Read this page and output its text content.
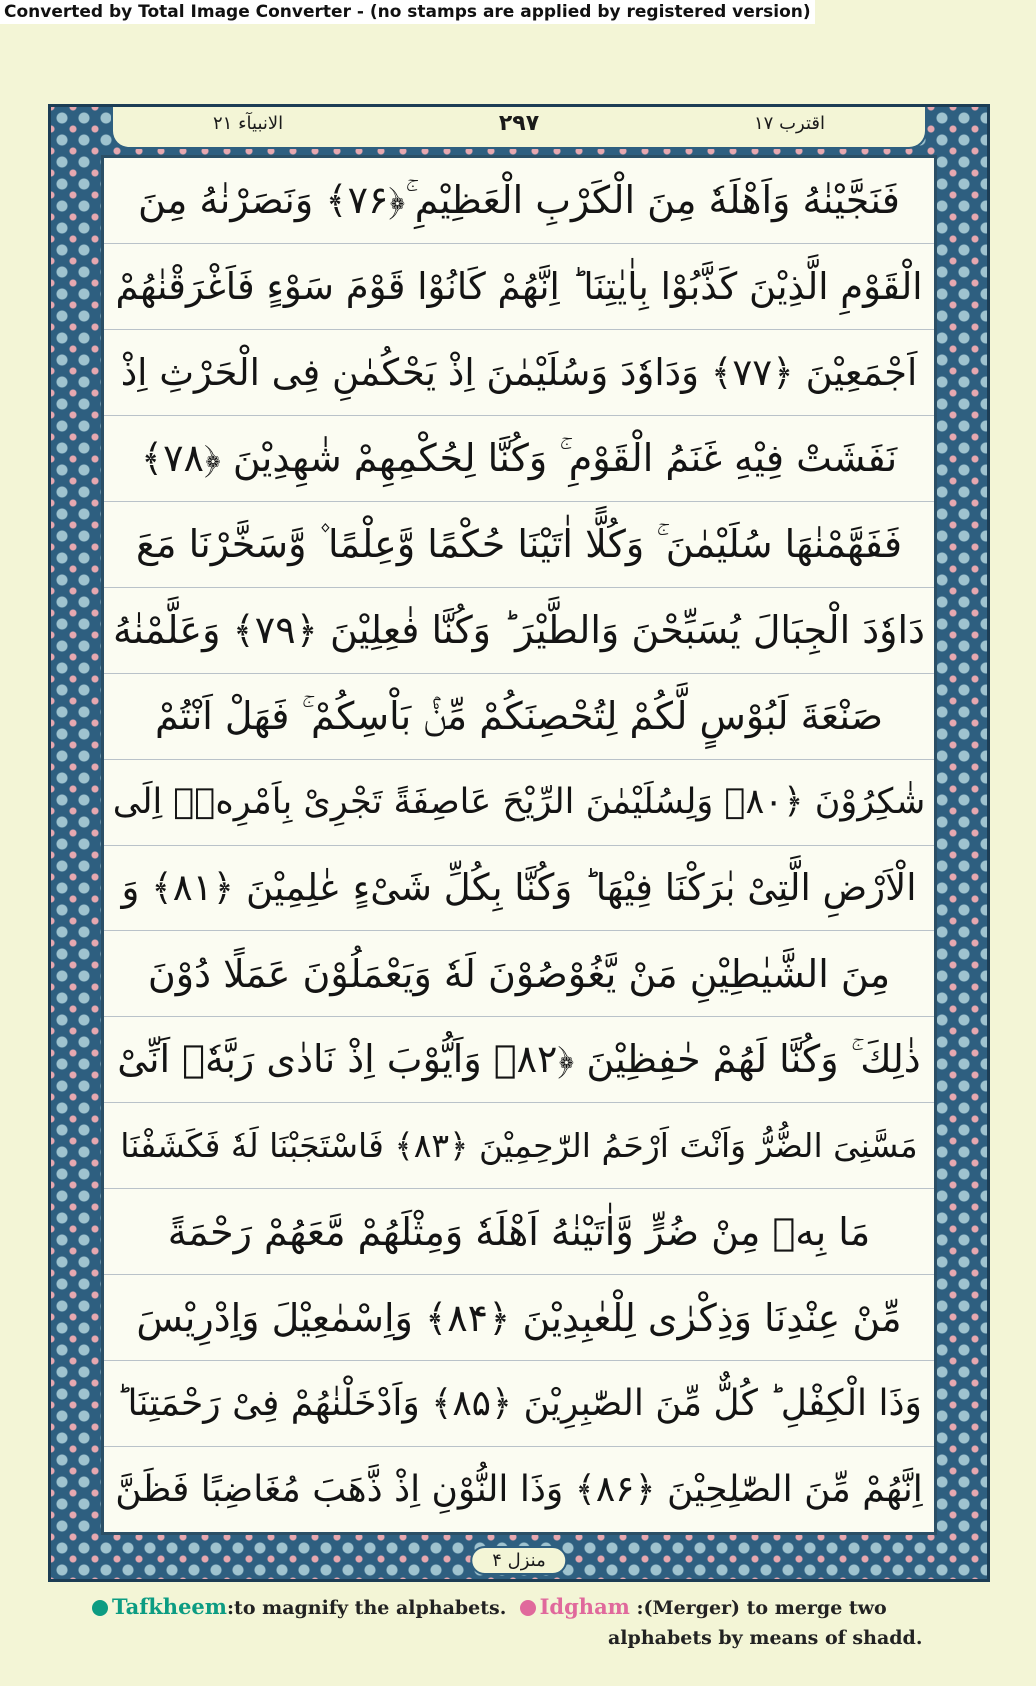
Converted by Total Image Converter - (no stamps are applied by registered version)
الانبیآء ۲۱	۲۹۷	اقترب ۱۷
فَنَجَّیْنٰهُ وَاَهْلَهٗ مِنَ الْكَرْبِ الْعَظِیْمِ ۚ﴿۷۶﴾ وَنَصَرْنٰهُ مِنَ
الْقَوْمِ الَّذِیْنَ كَذَّبُوْا بِاٰیٰتِنَا ؕ اِنَّهُمْ كَانُوْا قَوْمَ سَوْءٍ فَاَغْرَقْنٰهُمْ
اَجْمَعِیْنَ ﴿۷۷﴾ وَدَاوٗدَ وَسُلَیْمٰنَ اِذْ یَحْكُمٰنِ فِی الْحَرْثِ اِذْ
نَفَشَتْ فِیْهِ غَنَمُ الْقَوْمِ ۚ وَكُنَّا لِحُكْمِهِمْ شٰهِدِیْنَ ﴿۷۸﴾
فَفَهَّمْنٰهَا سُلَیْمٰنَ ۚ وَكُلًّا اٰتَیْنَا حُكْمًا وَّعِلْمًا ۫ وَّسَخَّرْنَا مَعَ
دَاوٗدَ الْجِبَالَ یُسَبِّحْنَ وَالطَّیْرَ ؕ وَكُنَّا فٰعِلِیْنَ ﴿۷۹﴾ وَعَلَّمْنٰهُ
صَنْعَةَ لَبُوْسٍ لَّكُمْ لِتُحْصِنَكُمْ مِّنْۢ بَاْسِكُمْ ۚ فَهَلْ اَنْتُمْ
شٰكِرُوْنَ ﴿۸۰﴾ وَلِسُلَیْمٰنَ الرِّیْحَ عَاصِفَةً تَجْرِیْ بِاَمْرِهٖۤ اِلَى
الْاَرْضِ الَّتِیْ بٰرَكْنَا فِیْهَا ؕ وَكُنَّا بِكُلِّ شَیْءٍ عٰلِمِیْنَ ﴿۸۱﴾ وَ
مِنَ الشَّیٰطِیْنِ مَنْ یَّغُوْصُوْنَ لَهٗ وَیَعْمَلُوْنَ عَمَلًا دُوْنَ
ذٰلِكَ ۚ وَكُنَّا لَهُمْ حٰفِظِیْنَ ﴿۸۲﴾ وَاَیُّوْبَ اِذْ نَادٰی رَبَّهٗۤ اَنِّیْ
مَسَّنِیَ الضُّرُّ وَاَنْتَ اَرْحَمُ الرّٰحِمِیْنَ ﴿۸۳﴾ فَاسْتَجَبْنَا لَهٗ فَكَشَفْنَا
مَا بِهٖ مِنْ ضُرٍّ وَّاٰتَیْنٰهُ اَهْلَهٗ وَمِثْلَهُمْ مَّعَهُمْ رَحْمَةً
مِّنْ عِنْدِنَا وَذِكْرٰی لِلْعٰبِدِیْنَ ﴿۸۴﴾ وَاِسْمٰعِیْلَ وَاِدْرِیْسَ
وَذَا الْكِفْلِ ؕ كُلٌّ مِّنَ الصّٰبِرِیْنَ ﴿۸۵﴾ وَاَدْخَلْنٰهُمْ فِیْ رَحْمَتِنَا ؕ
اِنَّهُمْ مِّنَ الصّٰلِحِیْنَ ﴿۸۶﴾ وَذَا النُّوْنِ اِذْ ذَّهَبَ مُغَاضِبًا فَظَنَّ
منزل ۴
Tafkheem:to magnify the alphabets. Idgham :(Merger) to merge two
alphabets by means of shadd.
